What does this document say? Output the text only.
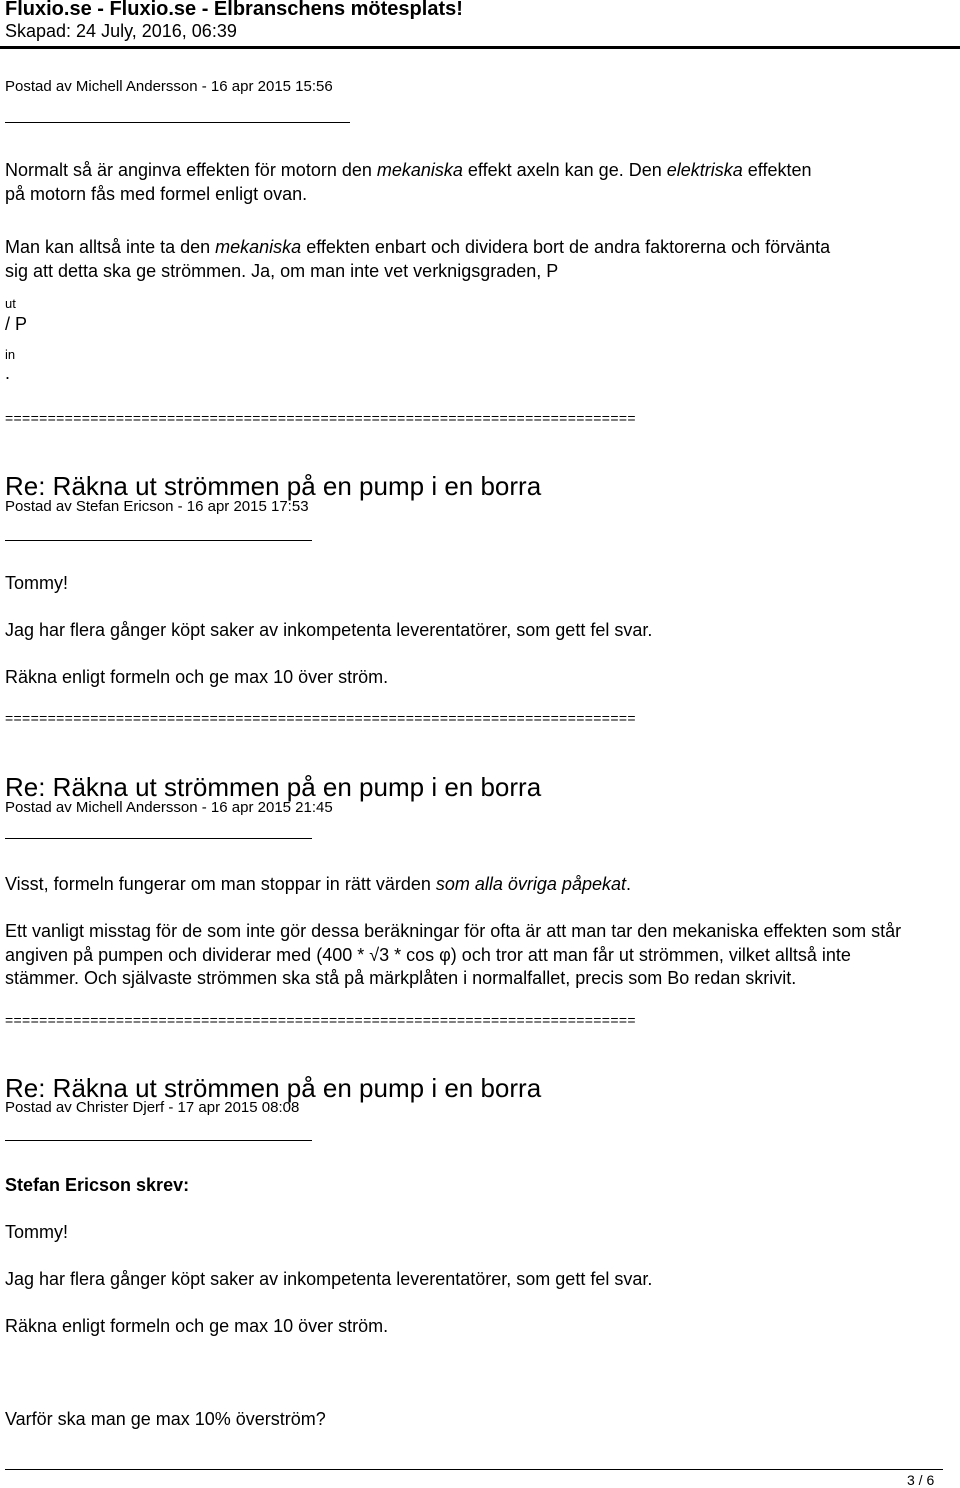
Fluxio.se - Fluxio.se - Elbranschens mötesplats!
Skapad: 24 July, 2016, 06:39
Postad av Michell Andersson - 16 apr 2015 15:56
Normalt så är anginva effekten för motorn den mekaniska effekt axeln kan ge. Den elektriska effekten
på motorn fås med formel enligt ovan.
Man kan alltså inte ta den mekaniska effekten enbart och dividera bort de andra faktorerna och förvänta
sig att detta ska ge strömmen. Ja, om man inte vet verknigsgraden, P
ut
/ P
in
.
==========================================================================
Re: Räkna ut strömmen på en pump i en borra
Postad av Stefan Ericson - 16 apr 2015 17:53
Tommy!
Jag har flera gånger köpt saker av inkompetenta leverentatörer, som gett fel svar.
Räkna enligt formeln och ge max 10 över ström.
==========================================================================
Re: Räkna ut strömmen på en pump i en borra
Postad av Michell Andersson - 16 apr 2015 21:45
Visst, formeln fungerar om man stoppar in rätt värden som alla övriga påpekat.
Ett vanligt misstag för de som inte gör dessa beräkningar för ofta är att man tar den mekaniska effekten som står
angiven på pumpen och dividerar med (400 * √3 * cos φ) och tror att man får ut strömmen, vilket alltså inte
stämmer. Och självaste strömmen ska stå på märkplåten i normalfallet, precis som Bo redan skrivit.
==========================================================================
Re: Räkna ut strömmen på en pump i en borra
Postad av Christer Djerf - 17 apr 2015 08:08
Stefan Ericson skrev:
Tommy!
Jag har flera gånger köpt saker av inkompetenta leverentatörer, som gett fel svar.
Räkna enligt formeln och ge max 10 över ström.
Varför ska man ge max 10% överström?
3 / 6
